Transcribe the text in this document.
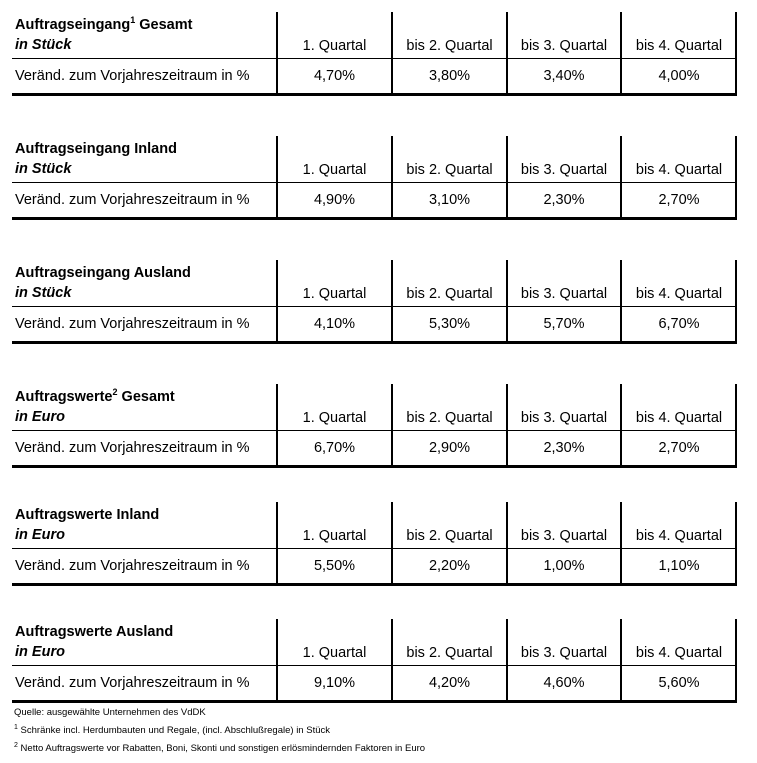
Auftragseingang$^1$ Gesamt
in Stück	1. Quartal	bis 2. Quartal	bis 3. Quartal	bis 4. Quartal
Veränd. zum Vorjahreszeitraum in %	4,70%	3,80%	3,40%	4,00%
Auftragseingang Inland
in Stück	1. Quartal	bis 2. Quartal	bis 3. Quartal	bis 4. Quartal
Veränd. zum Vorjahreszeitraum in %	4,90%	3,10%	2,30%	2,70%
Auftragseingang Ausland
in Stück	1. Quartal	bis 2. Quartal	bis 3. Quartal	bis 4. Quartal
Veränd. zum Vorjahreszeitraum in %	4,10%	5,30%	5,70%	6,70%
Auftragswerte$^2$ Gesamt
in Euro	1. Quartal	bis 2. Quartal	bis 3. Quartal	bis 4. Quartal
Veränd. zum Vorjahreszeitraum in %	6,70%	2,90%	2,30%	2,70%
Auftragswerte Inland
in Euro	1. Quartal	bis 2. Quartal	bis 3. Quartal	bis 4. Quartal
Veränd. zum Vorjahreszeitraum in %	5,50%	2,20%	1,00%	1,10%
Auftragswerte Ausland
in Euro	1. Quartal	bis 2. Quartal	bis 3. Quartal	bis 4. Quartal
Veränd. zum Vorjahreszeitraum in %	9,10%	4,20%	4,60%	5,60%
Quelle: ausgewählte Unternehmen des VdDK
$^1$ Schränke incl. Herdumbauten und Regale, (incl. Abschlußregale) in Stück
$^2$ Netto Auftragswerte vor Rabatten, Boni, Skonti und sonstigen erlösmindernden Faktoren in Euro
